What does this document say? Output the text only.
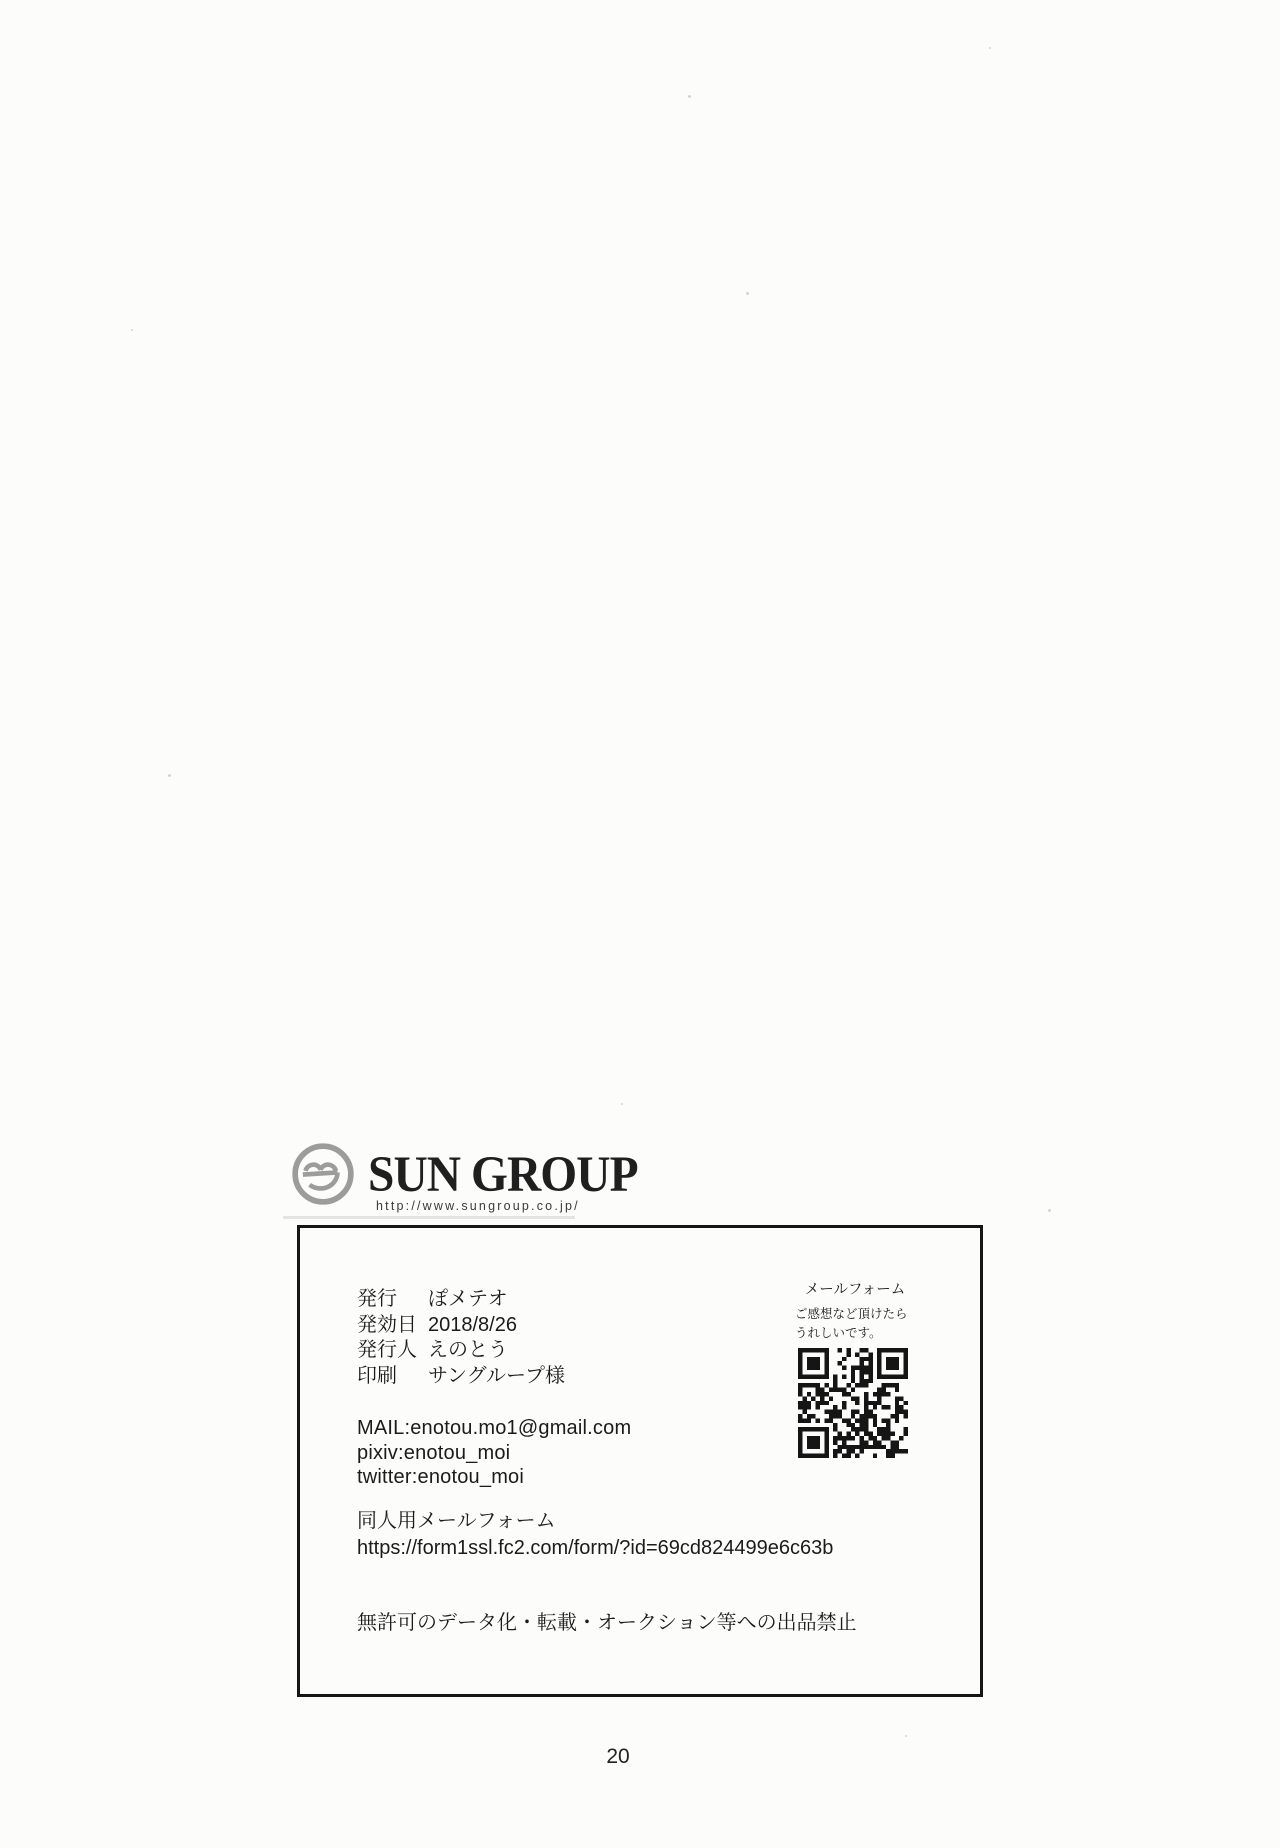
SUN GROUP
http://www.sungroup.co.jp/
発行 ぽメテオ
発効日 2018/8/26
発行人 えのとう
印刷 サングループ様
MAIL:enotou.mo1@gmail.com
pixiv:enotou_moi
twitter:enotou_moi
同人用メールフォーム
https://form1ssl.fc2.com/form/?id=69cd824499e6c63b
無許可のデータ化・転載・オークション等への出品禁止
メールフォーム
ご感想など頂けたら
うれしいです。
20
